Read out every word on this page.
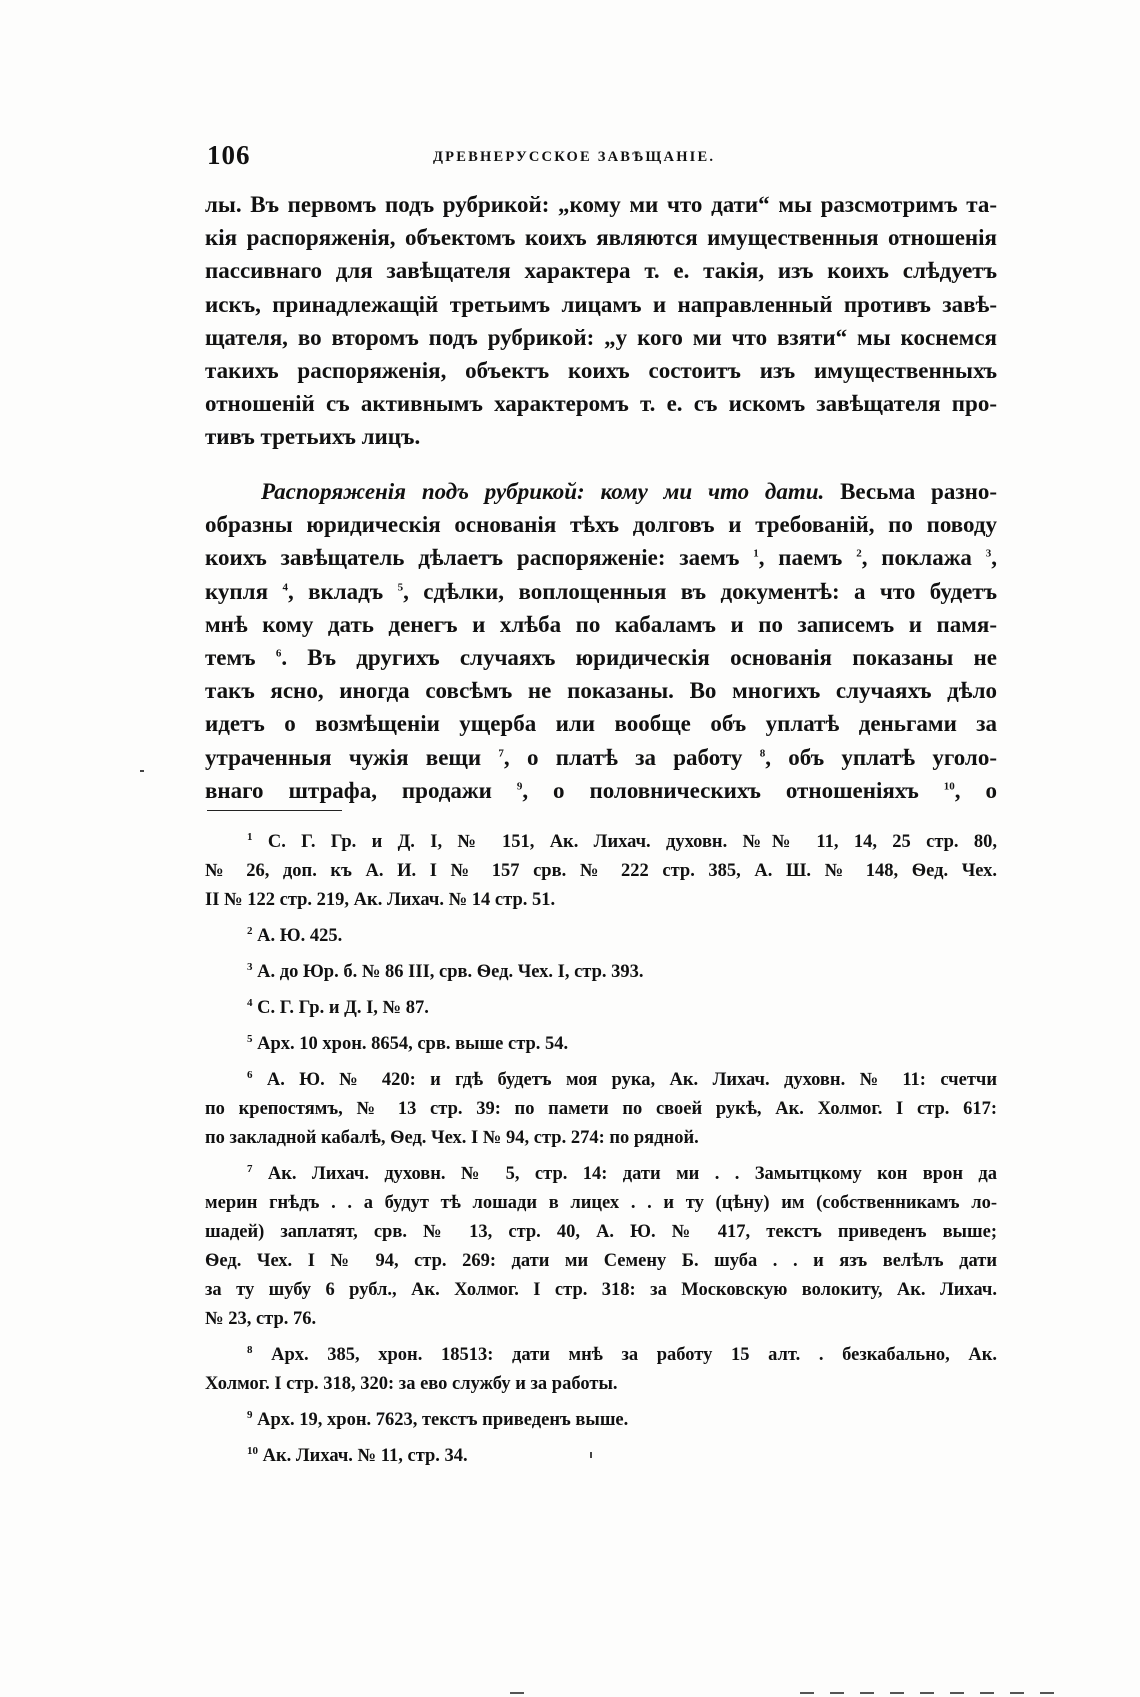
106	ДРЕВНЕРУССКОЕ ЗАВѢЩАНІЕ.
лы. Въ первомъ подъ рубрикой: „кому ми что дати“ мы разсмотримъ та-
кія распоряженія, объектомъ коихъ являются имущественныя отношенія
пассивнаго для завѣщателя характера т. е. такія, изъ коихъ слѣдуетъ
искъ, принадлежащій третьимъ лицамъ и направленный противъ завѣ-
щателя, во второмъ подъ рубрикой: „у кого ми что взяти“ мы коснемся
такихъ распоряженія, объектъ коихъ состоитъ изъ имущественныхъ
отношеній съ активнымъ характеромъ т. е. съ искомъ завѣщателя про-
тивъ третьихъ лицъ.
Распоряженія подъ рубрикой: кому ми что дати. Весьма разно-
образны юридическія основанія тѣхъ долговъ и требованій, по поводу
коихъ завѣщатель дѣлаетъ распоряженіе: заемъ $^1$, паемъ $^2$, поклажа $^3$,
купля $^4$, вкладъ $^5$, сдѣлки, воплощенныя въ документѣ: а что будетъ
мнѣ кому дать денегъ и хлѣба по кабаламъ и по записемъ и памя-
темъ $^6$. Въ другихъ случаяхъ юридическія основанія показаны не
такъ ясно, иногда совсѣмъ не показаны. Во многихъ случаяхъ дѣло
идетъ о возмѣщеніи ущерба или вообще объ уплатѣ деньгами за
утраченныя чужія вещи $^7$, о платѣ за работу $^8$, объ уплатѣ уголо-
внаго штрафа, продажи $^9$, о половническихъ отношеніяхъ $^{10}$, о
$^1$ С. Г. Гр. и Д. I, № 151, Ак. Лихач. духовн. №№ 11, 14, 25 стр. 80,
№ 26, доп. къ А. И. I № 157 срв. № 222 стр. 385, А. Ш. № 148, Ѳед. Чех.
II № 122 стр. 219, Ак. Лихач. № 14 стр. 51.
$^2$ А. Ю. 425.
$^3$ А. до Юр. б. № 86 III, срв. Ѳед. Чех. I, стр. 393.
$^4$ С. Г. Гр. и Д. I, № 87.
$^5$ Арх. 10 хрон. 8654, срв. выше стр. 54.
$^6$ А. Ю. № 420: и гдѣ будетъ моя рука, Ак. Лихач. духовн. № 11: счетчи
по крепостямъ, № 13 стр. 39: по памети по своей рукѣ, Ак. Холмог. I стр. 617:
по закладной кабалѣ, Ѳед. Чех. I № 94, стр. 274: по рядной.
$^7$ Ак. Лихач. духовн. № 5, стр. 14: дати ми . . Замытцкому кон врон да
мерин гнѣдъ . . а будут тѣ лошади в лицех . . и ту (цѣну) им (собственникамъ ло-
шадей) заплатят, срв. № 13, стр. 40, А. Ю. № 417, текстъ приведенъ выше;
Ѳед. Чех. I № 94, стр. 269: дати ми Семену Б. шуба . . и язъ велѣлъ дати
за ту шубу 6 рубл., Ак. Холмог. I стр. 318: за Московскую волокиту, Ак. Лихач.
№ 23, стр. 76.
$^8$ Арх. 385, хрон. 18513: дати мнѣ за работу 15 алт. . безкабально, Ак.
Холмог. I стр. 318, 320: за ево службу и за работы.
$^9$ Арх. 19, хрон. 7623, текстъ приведенъ выше.
$^{10}$ Ак. Лихач. № 11, стр. 34.
